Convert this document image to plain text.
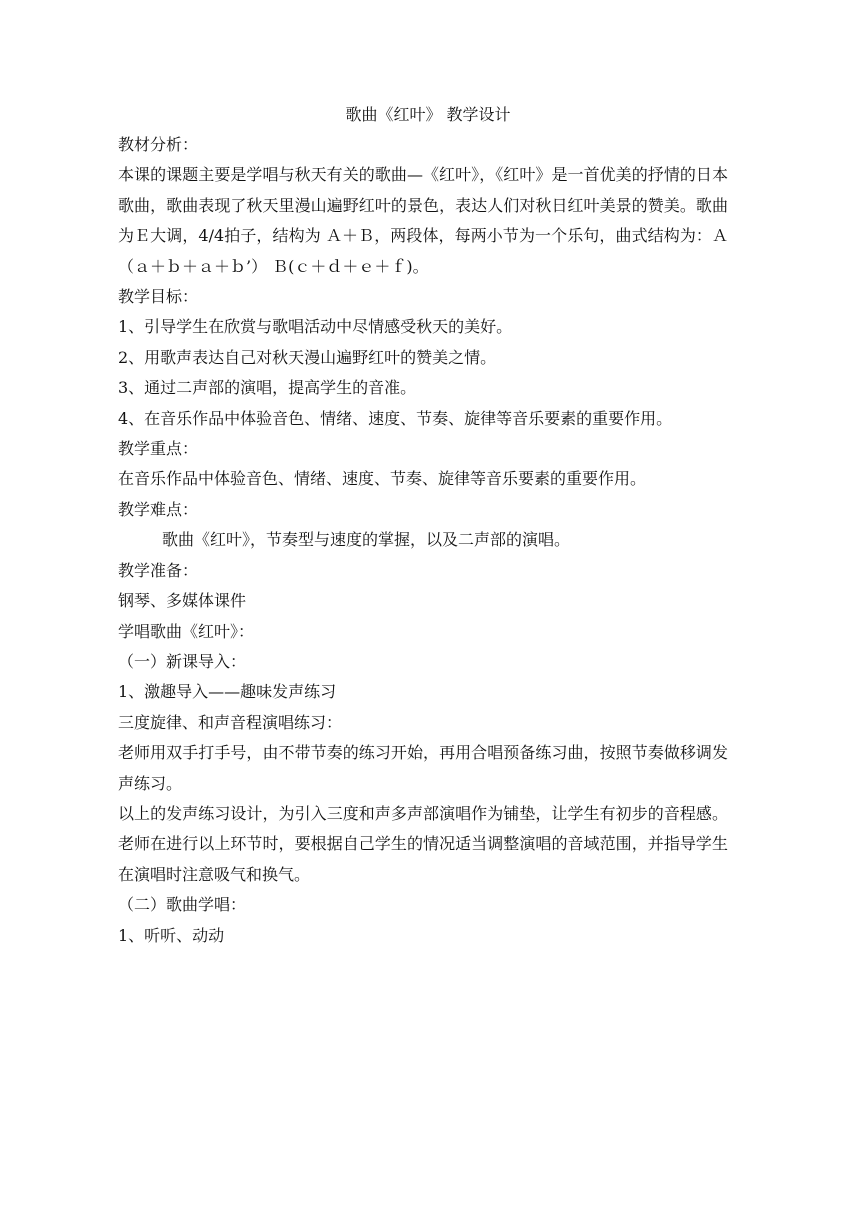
歌曲《红叶》 教学设计

教材分析：

本课的课题主要是学唱与秋天有关的歌曲—《红叶》，《红叶》是一首优美的抒情的日本歌曲，歌曲表现了秋天里漫山遍野红叶的景色，表达人们对秋日红叶美景的赞美。歌曲为Ｅ大调，4/4拍子，结构为 Ａ＋Ｂ，两段体，每两小节为一个乐句，曲式结构为：Ａ（ａ＋ｂ＋ａ＋ｂ’） Ｂ(ｃ＋ｄ＋ｅ＋ｆ)。

教学目标：

1、引导学生在欣赏与歌唱活动中尽情感受秋天的美好。

2、用歌声表达自己对秋天漫山遍野红叶的赞美之情。

3、通过二声部的演唱，提高学生的音准。

4、在音乐作品中体验音色、情绪、速度、节奏、旋律等音乐要素的重要作用。

教学重点：

在音乐作品中体验音色、情绪、速度、节奏、旋律等音乐要素的重要作用。

教学难点：

歌曲《红叶》，节奏型与速度的掌握，以及二声部的演唱。

教学准备：

钢琴、多媒体课件

学唱歌曲《红叶》：

（一）新课导入：

1、激趣导入——趣味发声练习

三度旋律、和声音程演唱练习：

老师用双手打手号，由不带节奏的练习开始，再用合唱预备练习曲，按照节奏做移调发声练习。

以上的发声练习设计，为引入三度和声多声部演唱作为铺垫，让学生有初步的音程感。老师在进行以上环节时，要根据自己学生的情况适当调整演唱的音域范围，并指导学生在演唱时注意吸气和换气。

（二）歌曲学唱：

1、听听、动动
